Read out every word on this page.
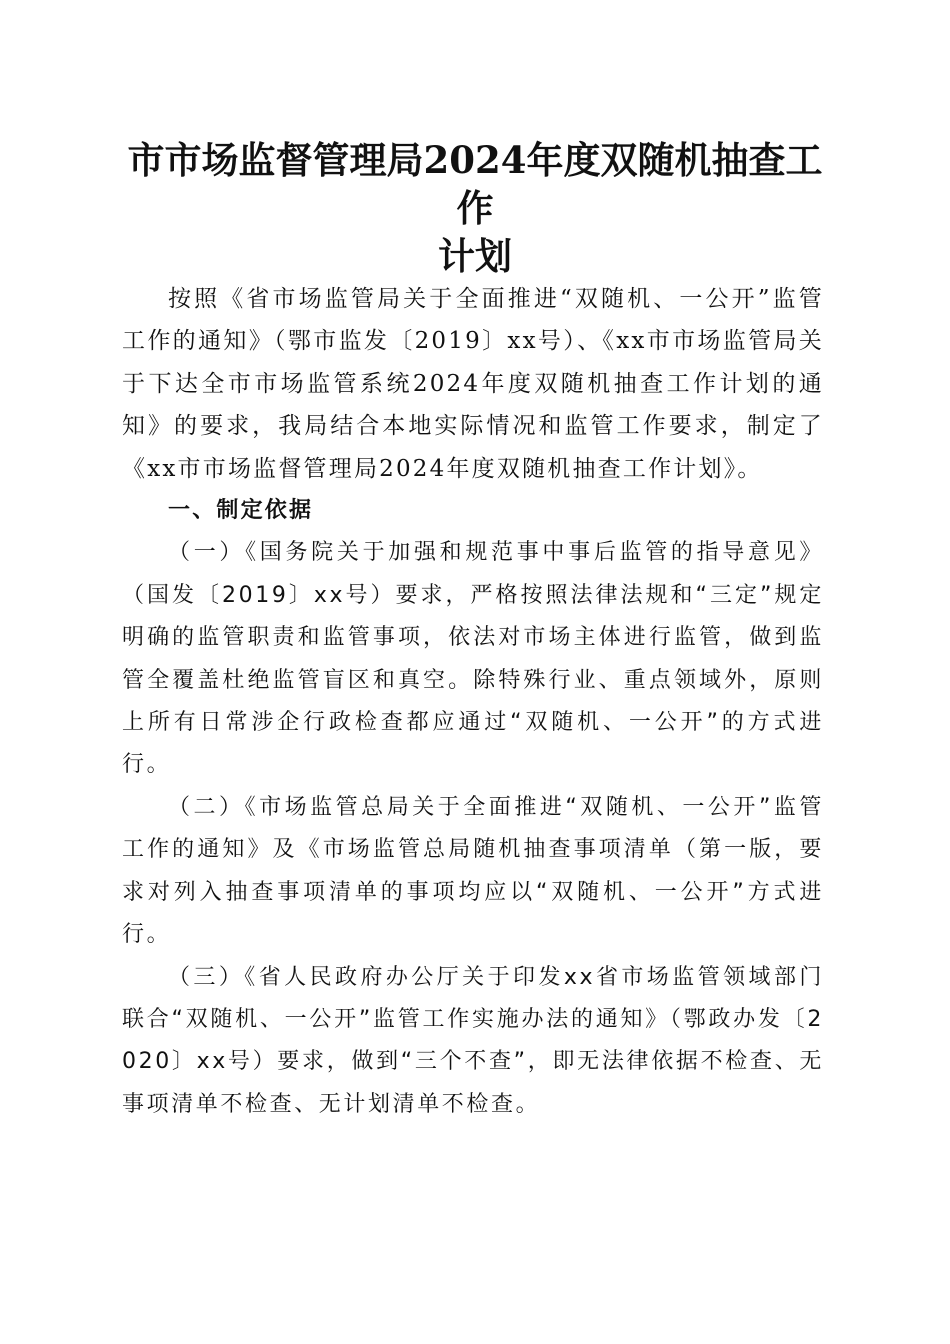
市市场监督管理局2024年度双随机抽查工作
计划

按照《省市场监管局关于全面推进“双随机、一公开”监管工作的通知》（鄂市监发〔2019〕xx号）、《xx市市场监管局关于下达全市市场监管系统2024年度双随机抽查工作计划的通知》的要求，我局结合本地实际情况和监管工作要求，制定了《xx市市场监督管理局2024年度双随机抽查工作计划》。

一、制定依据

（一）《国务院关于加强和规范事中事后监管的指导意见》（国发〔2019〕xx号）要求，严格按照法律法规和“三定”规定明确的监管职责和监管事项，依法对市场主体进行监管，做到监管全覆盖杜绝监管盲区和真空。除特殊行业、重点领域外，原则上所有日常涉企行政检查都应通过“双随机、一公开”的方式进行。

（二）《市场监管总局关于全面推进“双随机、一公开”监管工作的通知》及《市场监管总局随机抽查事项清单（第一版，要求对列入抽查事项清单的事项均应以“双随机、一公开”方式进行。

（三）《省人民政府办公厅关于印发xx省市场监管领域部门联合“双随机、一公开”监管工作实施办法的通知》（鄂政办发〔2020〕xx号）要求，做到“三个不查”，即无法律依据不检查、无事项清单不检查、无计划清单不检查。
